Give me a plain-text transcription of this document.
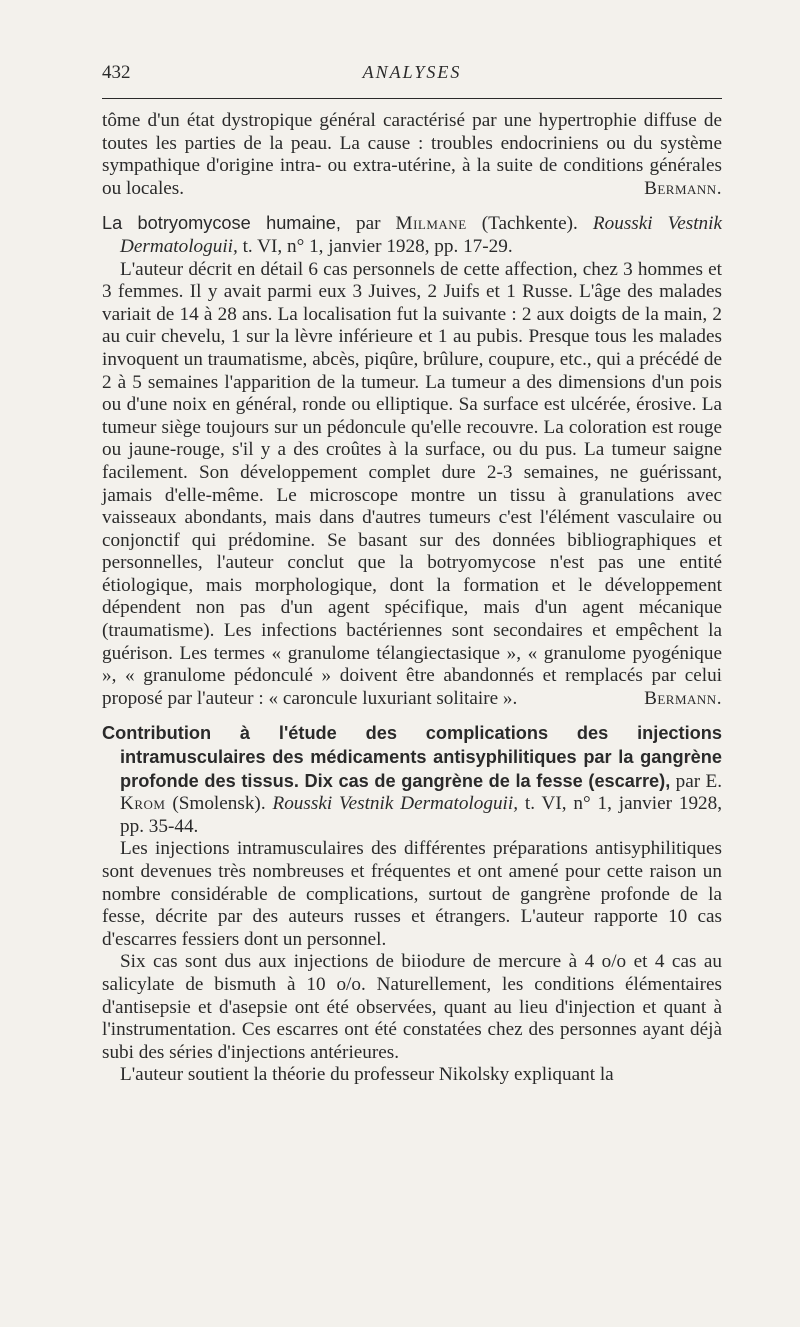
432	ANALYSES

tôme d'un état dystropique général caractérisé par une hypertrophie diffuse de toutes les parties de la peau. La cause : troubles endocriniens ou du système sympathique d'origine intra- ou extra-utérine, à la suite de conditions générales ou locales.	Bermann.

La botryomycose humaine, par Milmane (Tachkente). Rousski Vestnik Dermatologuii, t. VI, n° 1, janvier 1928, pp. 17-29.

L'auteur décrit en détail 6 cas personnels de cette affection, chez 3 hommes et 3 femmes. Il y avait parmi eux 3 Juives, 2 Juifs et 1 Russe. L'âge des malades variait de 14 à 28 ans. La localisation fut la suivante : 2 aux doigts de la main, 2 au cuir chevelu, 1 sur la lèvre inférieure et 1 au pubis. Presque tous les malades invoquent un traumatisme, abcès, piqûre, brûlure, coupure, etc., qui a précédé de 2 à 5 semaines l'apparition de la tumeur. La tumeur a des dimensions d'un pois ou d'une noix en général, ronde ou elliptique. Sa surface est ulcérée, érosive. La tumeur siège toujours sur un pédoncule qu'elle recouvre. La coloration est rouge ou jaune-rouge, s'il y a des croûtes à la surface, ou du pus. La tumeur saigne facilement. Son développement complet dure 2-3 semaines, ne guérissant, jamais d'elle-même. Le microscope montre un tissu à granulations avec vaisseaux abondants, mais dans d'autres tumeurs c'est l'élément vasculaire ou conjonctif qui prédomine. Se basant sur des données bibliographiques et personnelles, l'auteur conclut que la botryomycose n'est pas une entité étiologique, mais morphologique, dont la formation et le développement dépendent non pas d'un agent spécifique, mais d'un agent mécanique (traumatisme). Les infections bactériennes sont secondaires et empêchent la guérison. Les termes « granulome télangiectasique », « granulome pyogénique », « granulome pédonculé » doivent être abandonnés et remplacés par celui proposé par l'auteur : « caroncule luxuriant solitaire ».	Bermann.

Contribution à l'étude des complications des injections intramusculaires des médicaments antisyphilitiques par la gangrène profonde des tissus. Dix cas de gangrène de la fesse (escarre), par E. Krom (Smolensk). Rousski Vestnik Dermatologuii, t. VI, n° 1, janvier 1928, pp. 35-44.

Les injections intramusculaires des différentes préparations antisyphilitiques sont devenues très nombreuses et fréquentes et ont amené pour cette raison un nombre considérable de complications, surtout de gangrène profonde de la fesse, décrite par des auteurs russes et étrangers. L'auteur rapporte 10 cas d'escarres fessiers dont un personnel.

Six cas sont dus aux injections de biiodure de mercure à 4 o/o et 4 cas au salicylate de bismuth à 10 o/o. Naturellement, les conditions élémentaires d'antisepsie et d'asepsie ont été observées, quant au lieu d'injection et quant à l'instrumentation. Ces escarres ont été constatées chez des personnes ayant déjà subi des séries d'injections antérieures.

L'auteur soutient la théorie du professeur Nikolsky expliquant la
